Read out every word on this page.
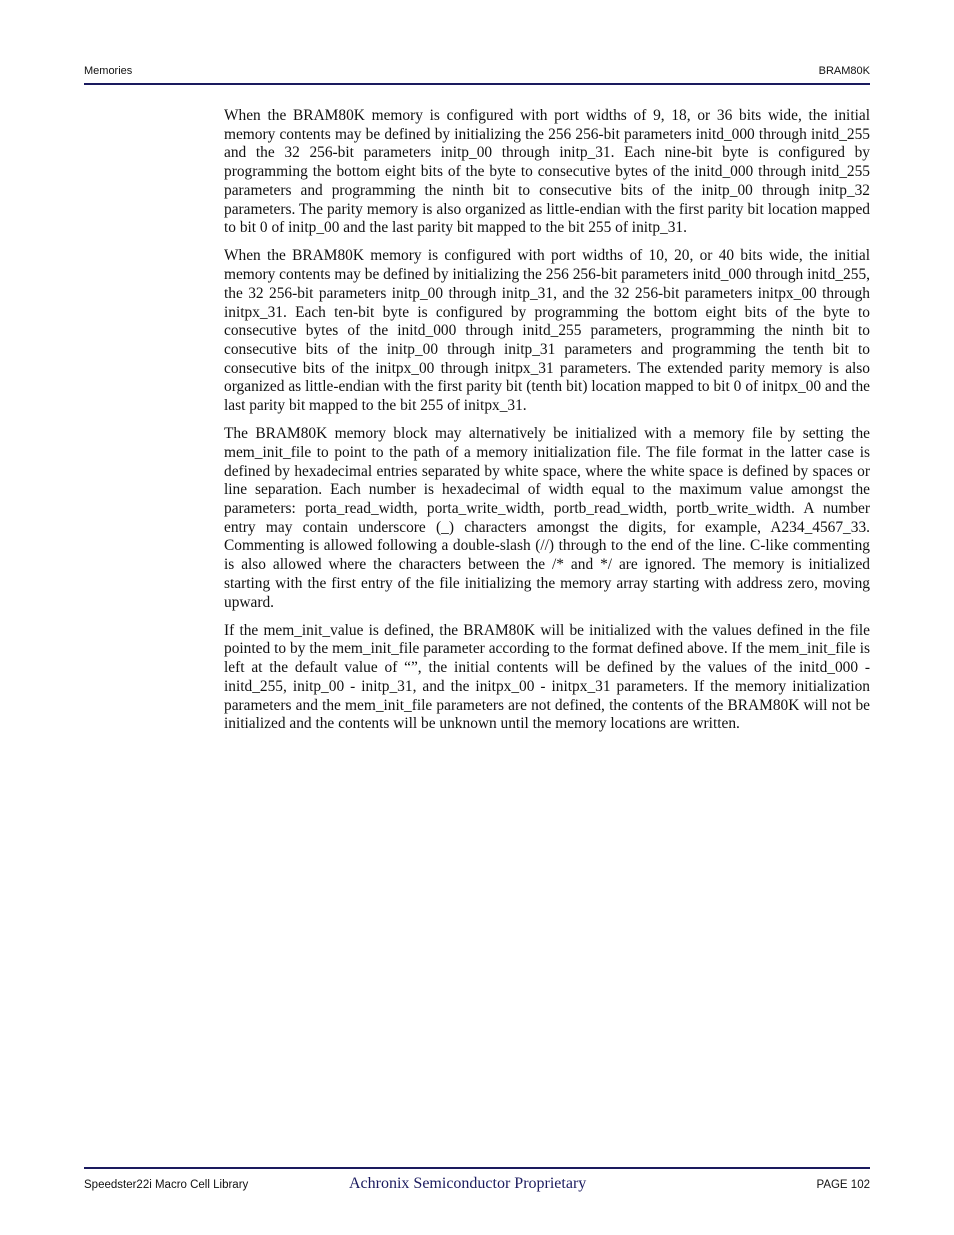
Memories	BRAM80K

When the BRAM80K memory is configured with port widths of 9, 18, or 36 bits wide, the initial memory contents may be defined by initializing the 256 256-bit parameters initd_000 through initd_255 and the 32 256-bit parameters initp_00 through initp_31. Each nine-bit byte is configured by programming the bottom eight bits of the byte to consecutive bytes of the initd_000 through initd_255 parameters and programming the ninth bit to consecutive bits of the initp_00 through initp_32 parameters. The parity memory is also organized as little-endian with the first parity bit location mapped to bit 0 of initp_00 and the last parity bit mapped to the bit 255 of initp_31.

When the BRAM80K memory is configured with port widths of 10, 20, or 40 bits wide, the initial memory contents may be defined by initializing the 256 256-bit parameters initd_000 through initd_255, the 32 256-bit parameters initp_00 through initp_31, and the 32 256-bit parameters initpx_00 through initpx_31. Each ten-bit byte is configured by programming the bottom eight bits of the byte to consecutive bytes of the initd_000 through initd_255 parameters, programming the ninth bit to consecutive bits of the initp_00 through initp_31 parameters and programming the tenth bit to consecutive bits of the initpx_00 through initpx_31 parameters. The extended parity memory is also organized as little-endian with the first parity bit (tenth bit) location mapped to bit 0 of initpx_00 and the last parity bit mapped to the bit 255 of initpx_31.

The BRAM80K memory block may alternatively be initialized with a memory file by setting the mem_init_file to point to the path of a memory initialization file. The file format in the latter case is defined by hexadecimal entries separated by white space, where the white space is defined by spaces or line separation. Each number is hexadecimal of width equal to the maximum value amongst the parameters: porta_read_width, porta_write_width, portb_read_width, portb_write_width. A number entry may contain underscore (_) characters amongst the digits, for example, A234_4567_33. Commenting is allowed following a double-slash (//) through to the end of the line. C-like commenting is also allowed where the characters between the /* and */ are ignored. The memory is initialized starting with the first entry of the file initializing the memory array starting with address zero, moving upward.

If the mem_init_value is defined, the BRAM80K will be initialized with the values defined in the file pointed to by the mem_init_file parameter according to the format defined above. If the mem_init_file is left at the default value of “”, the initial contents will be defined by the values of the initd_000 - initd_255, initp_00 - initp_31, and the initpx_00 - initpx_31 parameters. If the memory initialization parameters and the mem_init_file parameters are not defined, the contents of the BRAM80K will not be initialized and the contents will be unknown until the memory locations are written.

Speedster22i Macro Cell Library	Achronix Semiconductor Proprietary	PAGE 102
